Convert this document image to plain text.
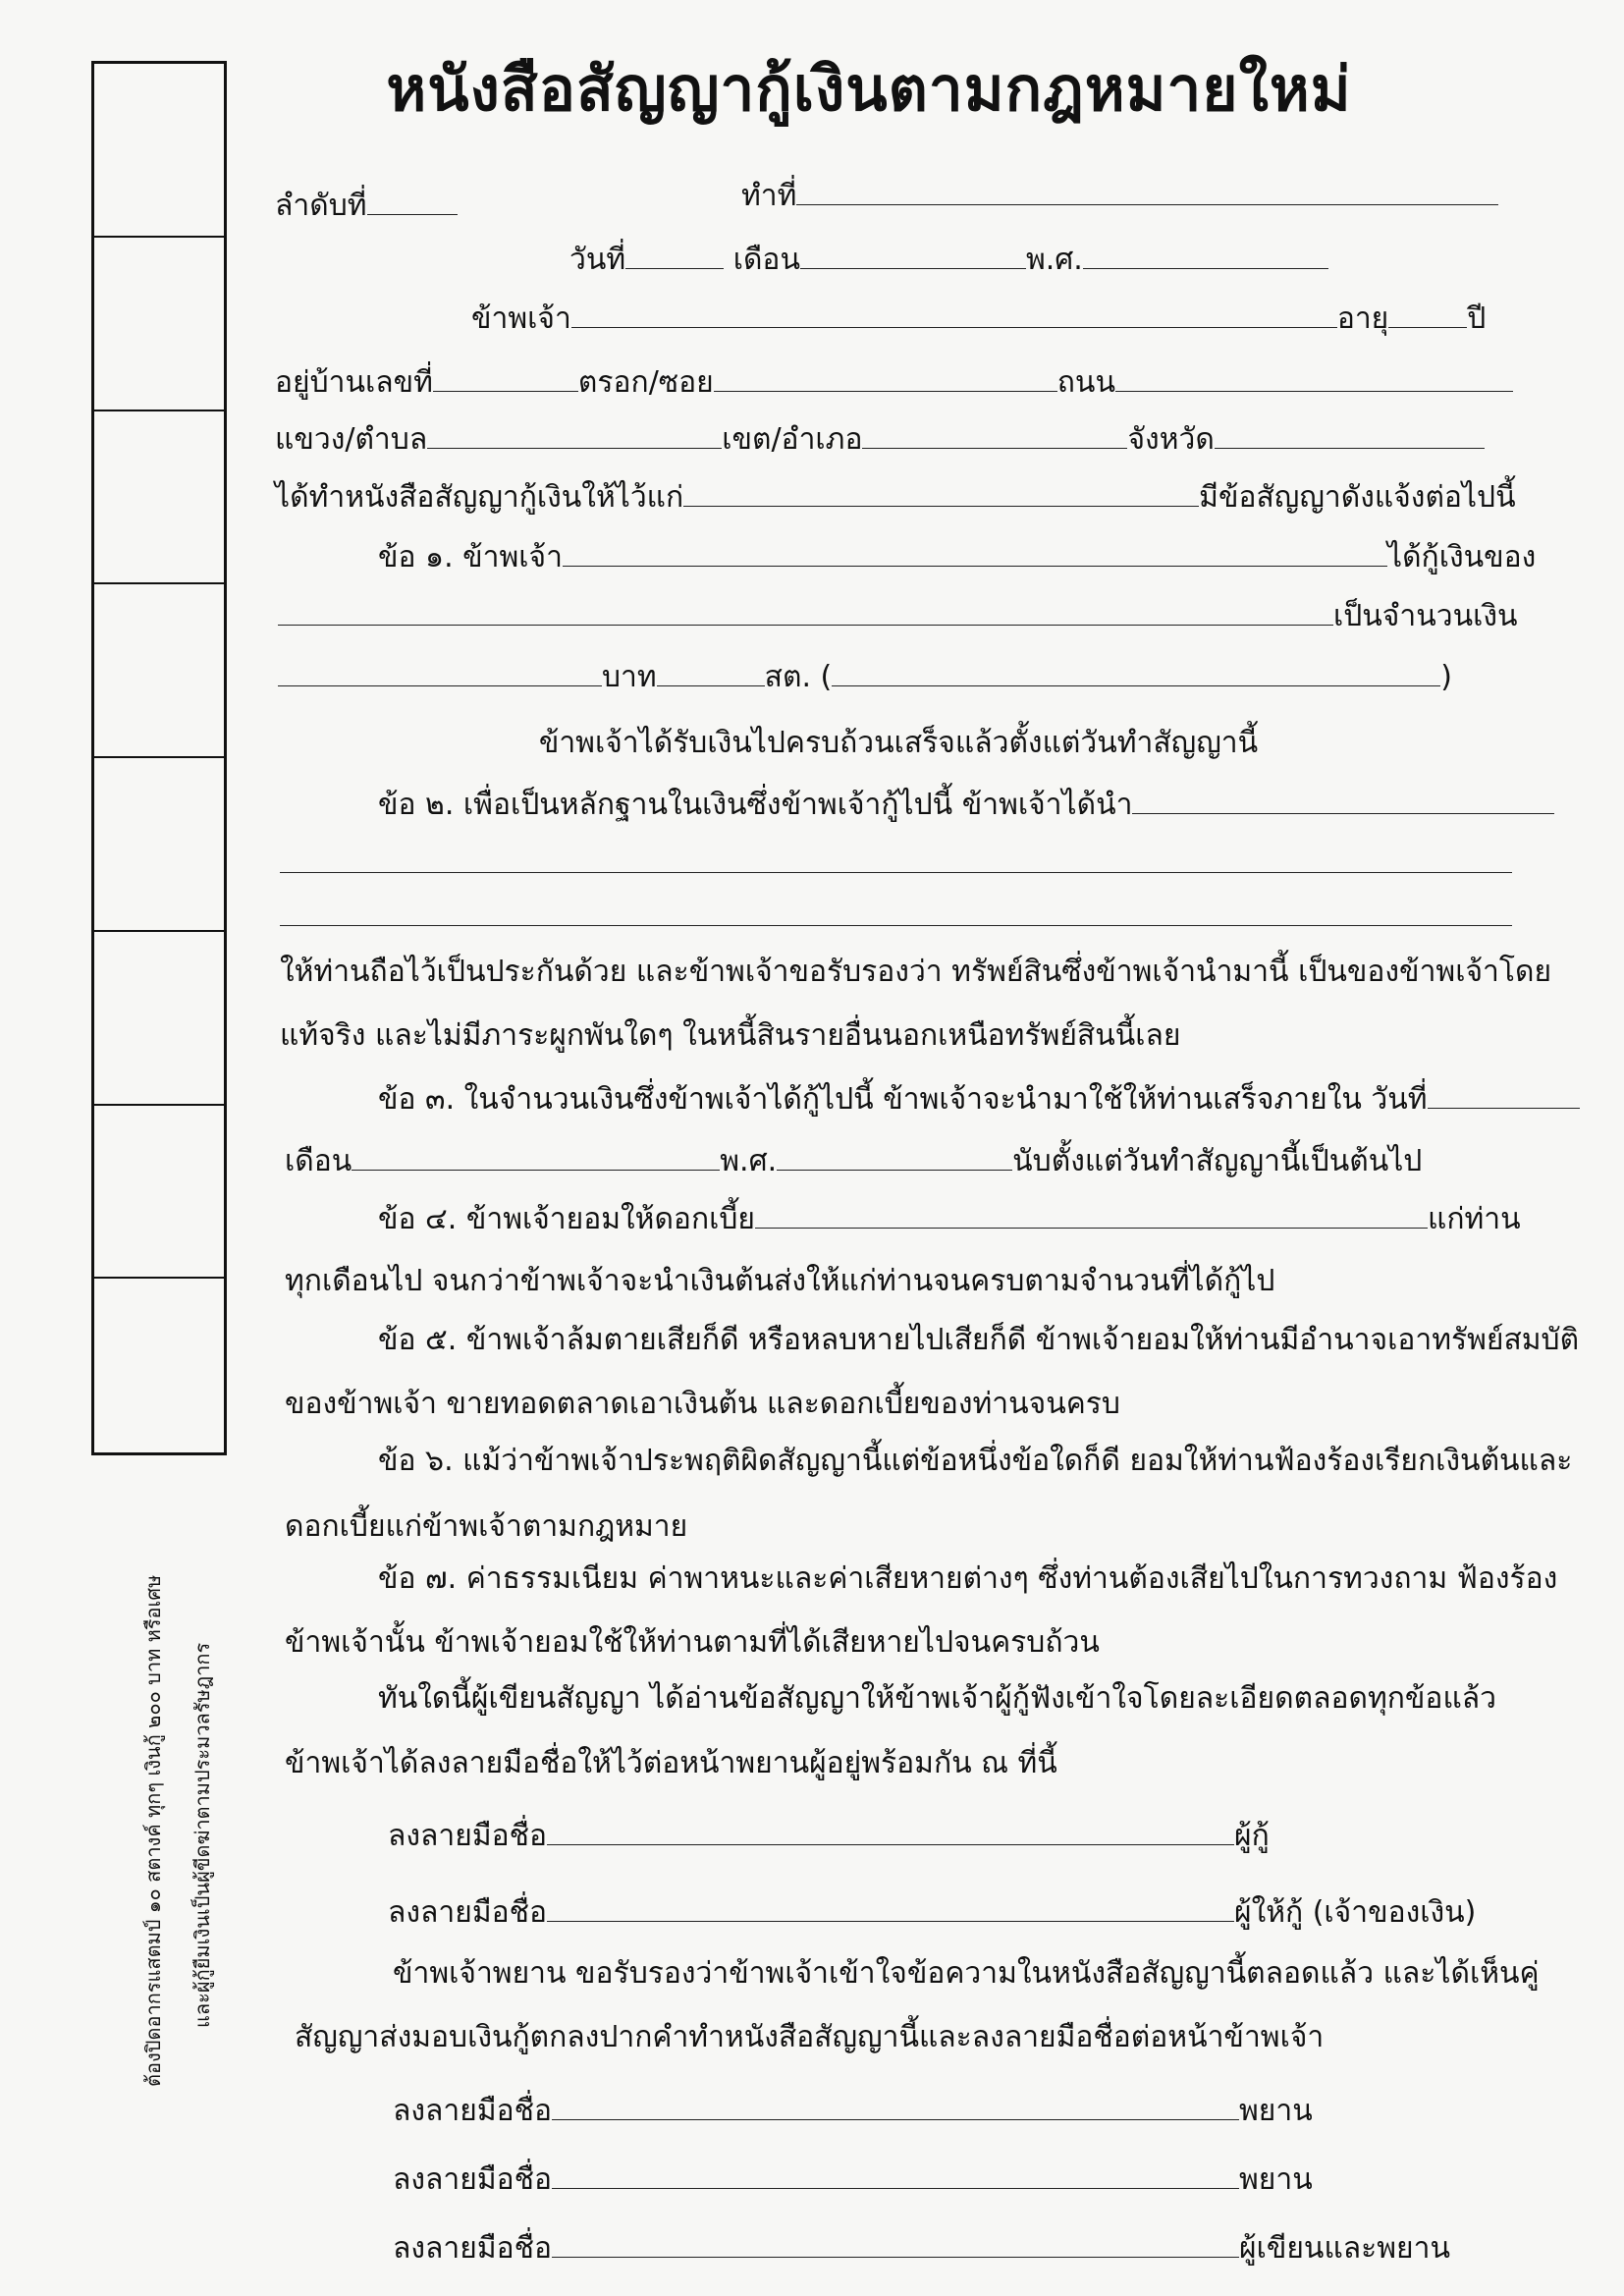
หนังสือสัญญากู้เงินตามกฎหมายใหม่
ต้องปิดอากรแสตมป์ ๑๐ สตางค์ ทุกๆ เงินกู้ ๒๐๐ บาท หรือเศษ และผู้กู้ยืมเงินเป็นผู้ขีดฆ่าตามประมวลรัษฎากร
ลำดับที่	ทำที่
วันที่	เดือน	พ.ศ.
ข้าพเจ้า	อายุ	ปี
อยู่บ้านเลขที่	ตรอก/ซอย	ถนน
แขวง/ตำบล	เขต/อำเภอ	จังหวัด
ได้ทำหนังสือสัญญากู้เงินให้ไว้แก่	มีข้อสัญญาดังแจ้งต่อไปนี้
ข้อ ๑. ข้าพเจ้า	ได้กู้เงินของ
เป็นจำนวนเงิน
บาท	สต. (	)
ข้าพเจ้าได้รับเงินไปครบถ้วนเสร็จแล้วตั้งแต่วันทำสัญญานี้
ข้อ ๒. เพื่อเป็นหลักฐานในเงินซึ่งข้าพเจ้ากู้ไปนี้ ข้าพเจ้าได้นำ
ให้ท่านถือไว้เป็นประกันด้วย และข้าพเจ้าขอรับรองว่า ทรัพย์สินซึ่งข้าพเจ้านำมานี้ เป็นของข้าพเจ้าโดย
แท้จริง และไม่มีภาระผูกพันใดๆ ในหนี้สินรายอื่นนอกเหนือทรัพย์สินนี้เลย
ข้อ ๓. ในจำนวนเงินซึ่งข้าพเจ้าได้กู้ไปนี้ ข้าพเจ้าจะนำมาใช้ให้ท่านเสร็จภายใน วันที่
เดือน	พ.ศ.	นับตั้งแต่วันทำสัญญานี้เป็นต้นไป
ข้อ ๔. ข้าพเจ้ายอมให้ดอกเบี้ย	แก่ท่าน
ทุกเดือนไป จนกว่าข้าพเจ้าจะนำเงินต้นส่งให้แก่ท่านจนครบตามจำนวนที่ได้กู้ไป
ข้อ ๕. ข้าพเจ้าล้มตายเสียก็ดี หรือหลบหายไปเสียก็ดี ข้าพเจ้ายอมให้ท่านมีอำนาจเอาทรัพย์สมบัติ
ของข้าพเจ้า ขายทอดตลาดเอาเงินต้น และดอกเบี้ยของท่านจนครบ
ข้อ ๖. แม้ว่าข้าพเจ้าประพฤติผิดสัญญานี้แต่ข้อหนึ่งข้อใดก็ดี ยอมให้ท่านฟ้องร้องเรียกเงินต้นและ
ดอกเบี้ยแก่ข้าพเจ้าตามกฎหมาย
ข้อ ๗. ค่าธรรมเนียม ค่าพาหนะและค่าเสียหายต่างๆ ซึ่งท่านต้องเสียไปในการทวงถาม ฟ้องร้อง
ข้าพเจ้านั้น ข้าพเจ้ายอมใช้ให้ท่านตามที่ได้เสียหายไปจนครบถ้วน
ทันใดนี้ผู้เขียนสัญญา ได้อ่านข้อสัญญาให้ข้าพเจ้าผู้กู้ฟังเข้าใจโดยละเอียดตลอดทุกข้อแล้ว
ข้าพเจ้าได้ลงลายมือชื่อให้ไว้ต่อหน้าพยานผู้อยู่พร้อมกัน ณ ที่นี้
ลงลายมือชื่อ	ผู้กู้
ลงลายมือชื่อ	ผู้ให้กู้ (เจ้าของเงิน)
ข้าพเจ้าพยาน ขอรับรองว่าข้าพเจ้าเข้าใจข้อความในหนังสือสัญญานี้ตลอดแล้ว และได้เห็นคู่
สัญญาส่งมอบเงินกู้ตกลงปากคำทำหนังสือสัญญานี้และลงลายมือชื่อต่อหน้าข้าพเจ้า
ลงลายมือชื่อ	พยาน
ลงลายมือชื่อ	พยาน
ลงลายมือชื่อ	ผู้เขียนและพยาน
